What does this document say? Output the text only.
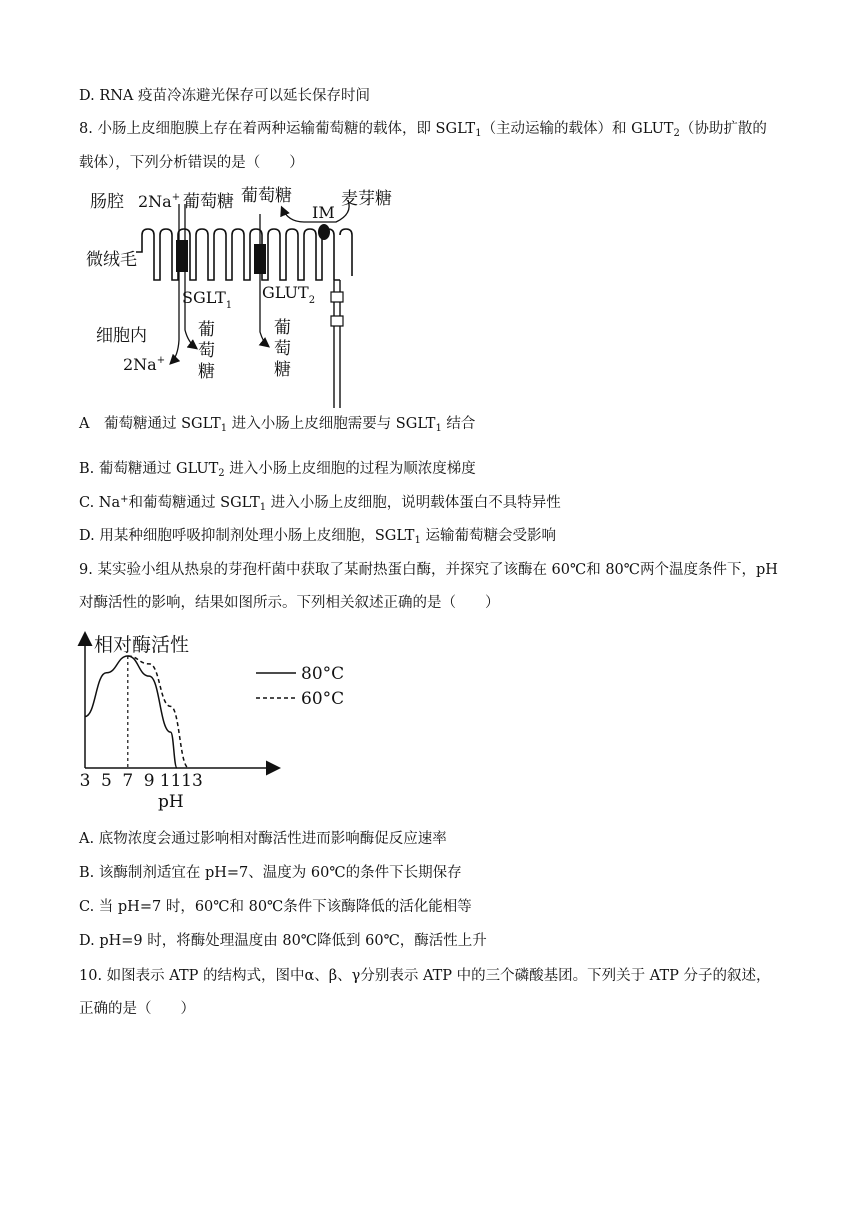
D. RNA 疫苗冷冻避光保存可以延长保存时间
8. 小肠上皮细胞膜上存在着两种运输葡萄糖的载体，即 $SGLT_1$（主动运输的载体）和 $GLUT_2$（协助扩散的
载体），下列分析错误的是（　　）
肠腔 2Na+ 葡萄糖 葡萄糖
IM
麦芽糖
微绒毛
$SGLT_1$
$GLUT_2$
细胞内
2Na+
葡
萄
糖
葡
萄
糖
A　葡萄糖通过 $SGLT_1$ 进入小肠上皮细胞需要与 $SGLT_1$ 结合
B. 葡萄糖通过 $GLUT_2$ 进入小肠上皮细胞的过程为顺浓度梯度
C. Na+和葡萄糖通过 $SGLT_1$ 进入小肠上皮细胞，说明载体蛋白不具特异性
D. 用某种细胞呼吸抑制剂处理小肠上皮细胞，$SGLT_1$ 运输葡萄糖会受影响
9. 某实验小组从热泉的芽孢杆菌中获取了某耐热蛋白酶，并探究了该酶在 60℃和 80℃两个温度条件下，pH
对酶活性的影响，结果如图所示。下列相关叙述正确的是（　　）
相对酶活性
pH
3 5 7 9 11 13
80°C
60°C
A. 底物浓度会通过影响相对酶活性进而影响酶促反应速率
B. 该酶制剂适宜在 pH=7、温度为 60℃的条件下长期保存
C. 当 pH=7 时，60℃和 80℃条件下该酶降低的活化能相等
D. pH=9 时，将酶处理温度由 80℃降低到 60℃，酶活性上升
10. 如图表示 ATP 的结构式，图中α、β、γ分别表示 ATP 中的三个磷酸基团。下列关于 ATP 分子的叙述，
正确的是（　　）
